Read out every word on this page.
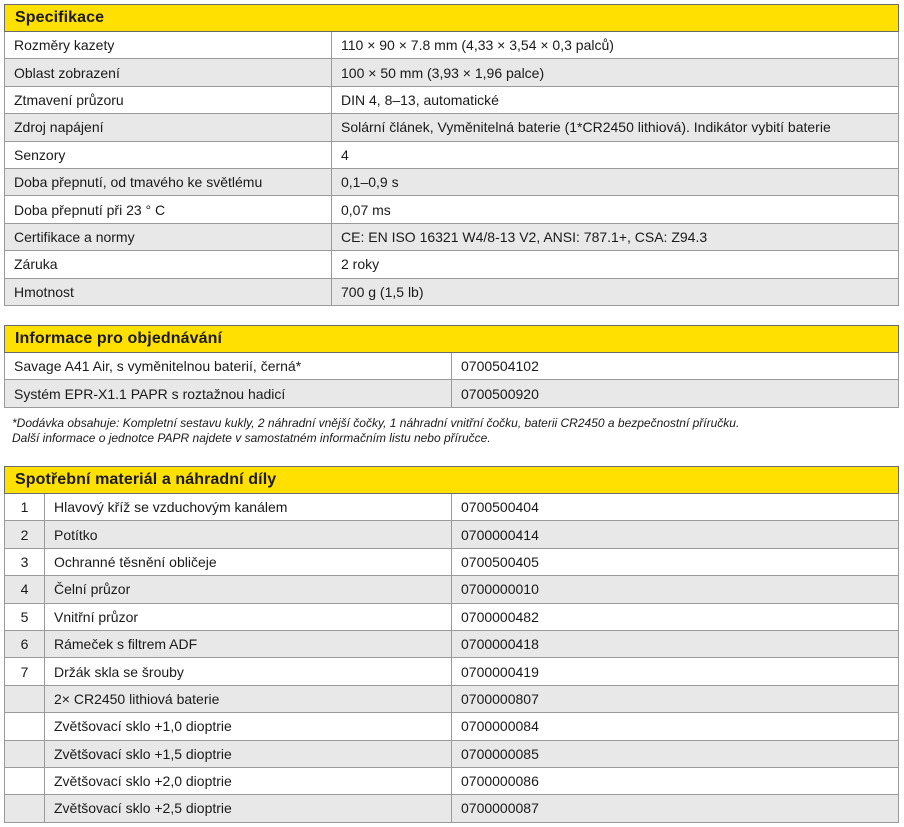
Specifikace	
Rozměry kazety	110 × 90 × 7.8 mm (4,33 × 3,54 × 0,3 palců)
Oblast zobrazení	100 × 50 mm (3,93 × 1,96 palce)
Ztmavení průzoru	DIN 4, 8–13, automatické
Zdroj napájení	Solární článek, Vyměnitelná baterie (1*CR2450 lithiová). Indikátor vybití baterie
Senzory	4
Doba přepnutí, od tmavého ke světlému	0,1–0,9 s
Doba přepnutí při 23 ° C	0,07 ms
Certifikace a normy	CE: EN ISO 16321 W4/8-13 V2, ANSI: 787.1+, CSA: Z94.3
Záruka	2 roky
Hmotnost	700 g (1,5 lb)
Informace pro objednávání	
Savage A41 Air, s vyměnitelnou baterií, černá*	0700504102
Systém EPR-X1.1 PAPR s roztažnou hadicí	0700500920
*Dodávka obsahuje: Kompletní sestavu kukly, 2 náhradní vnější čočky, 1 náhradní vnitřní čočku, baterii CR2450 a bezpečnostní příručku.
Další informace o jednotce PAPR najdete v samostatném informačním listu nebo příručce.
Spotřební materiál a náhradní díly		
1	Hlavový kříž se vzduchovým kanálem	0700500404
2	Potítko	0700000414
3	Ochranné těsnění obličeje	0700500405
4	Čelní průzor	0700000010
5	Vnitřní průzor	0700000482
6	Rámeček s filtrem ADF	0700000418
7	Držák skla se šrouby	0700000419
	2× CR2450 lithiová baterie	0700000807
	Zvětšovací sklo +1,0 dioptrie	0700000084
	Zvětšovací sklo +1,5 dioptrie	0700000085
	Zvětšovací sklo +2,0 dioptrie	0700000086
	Zvětšovací sklo +2,5 dioptrie	0700000087
